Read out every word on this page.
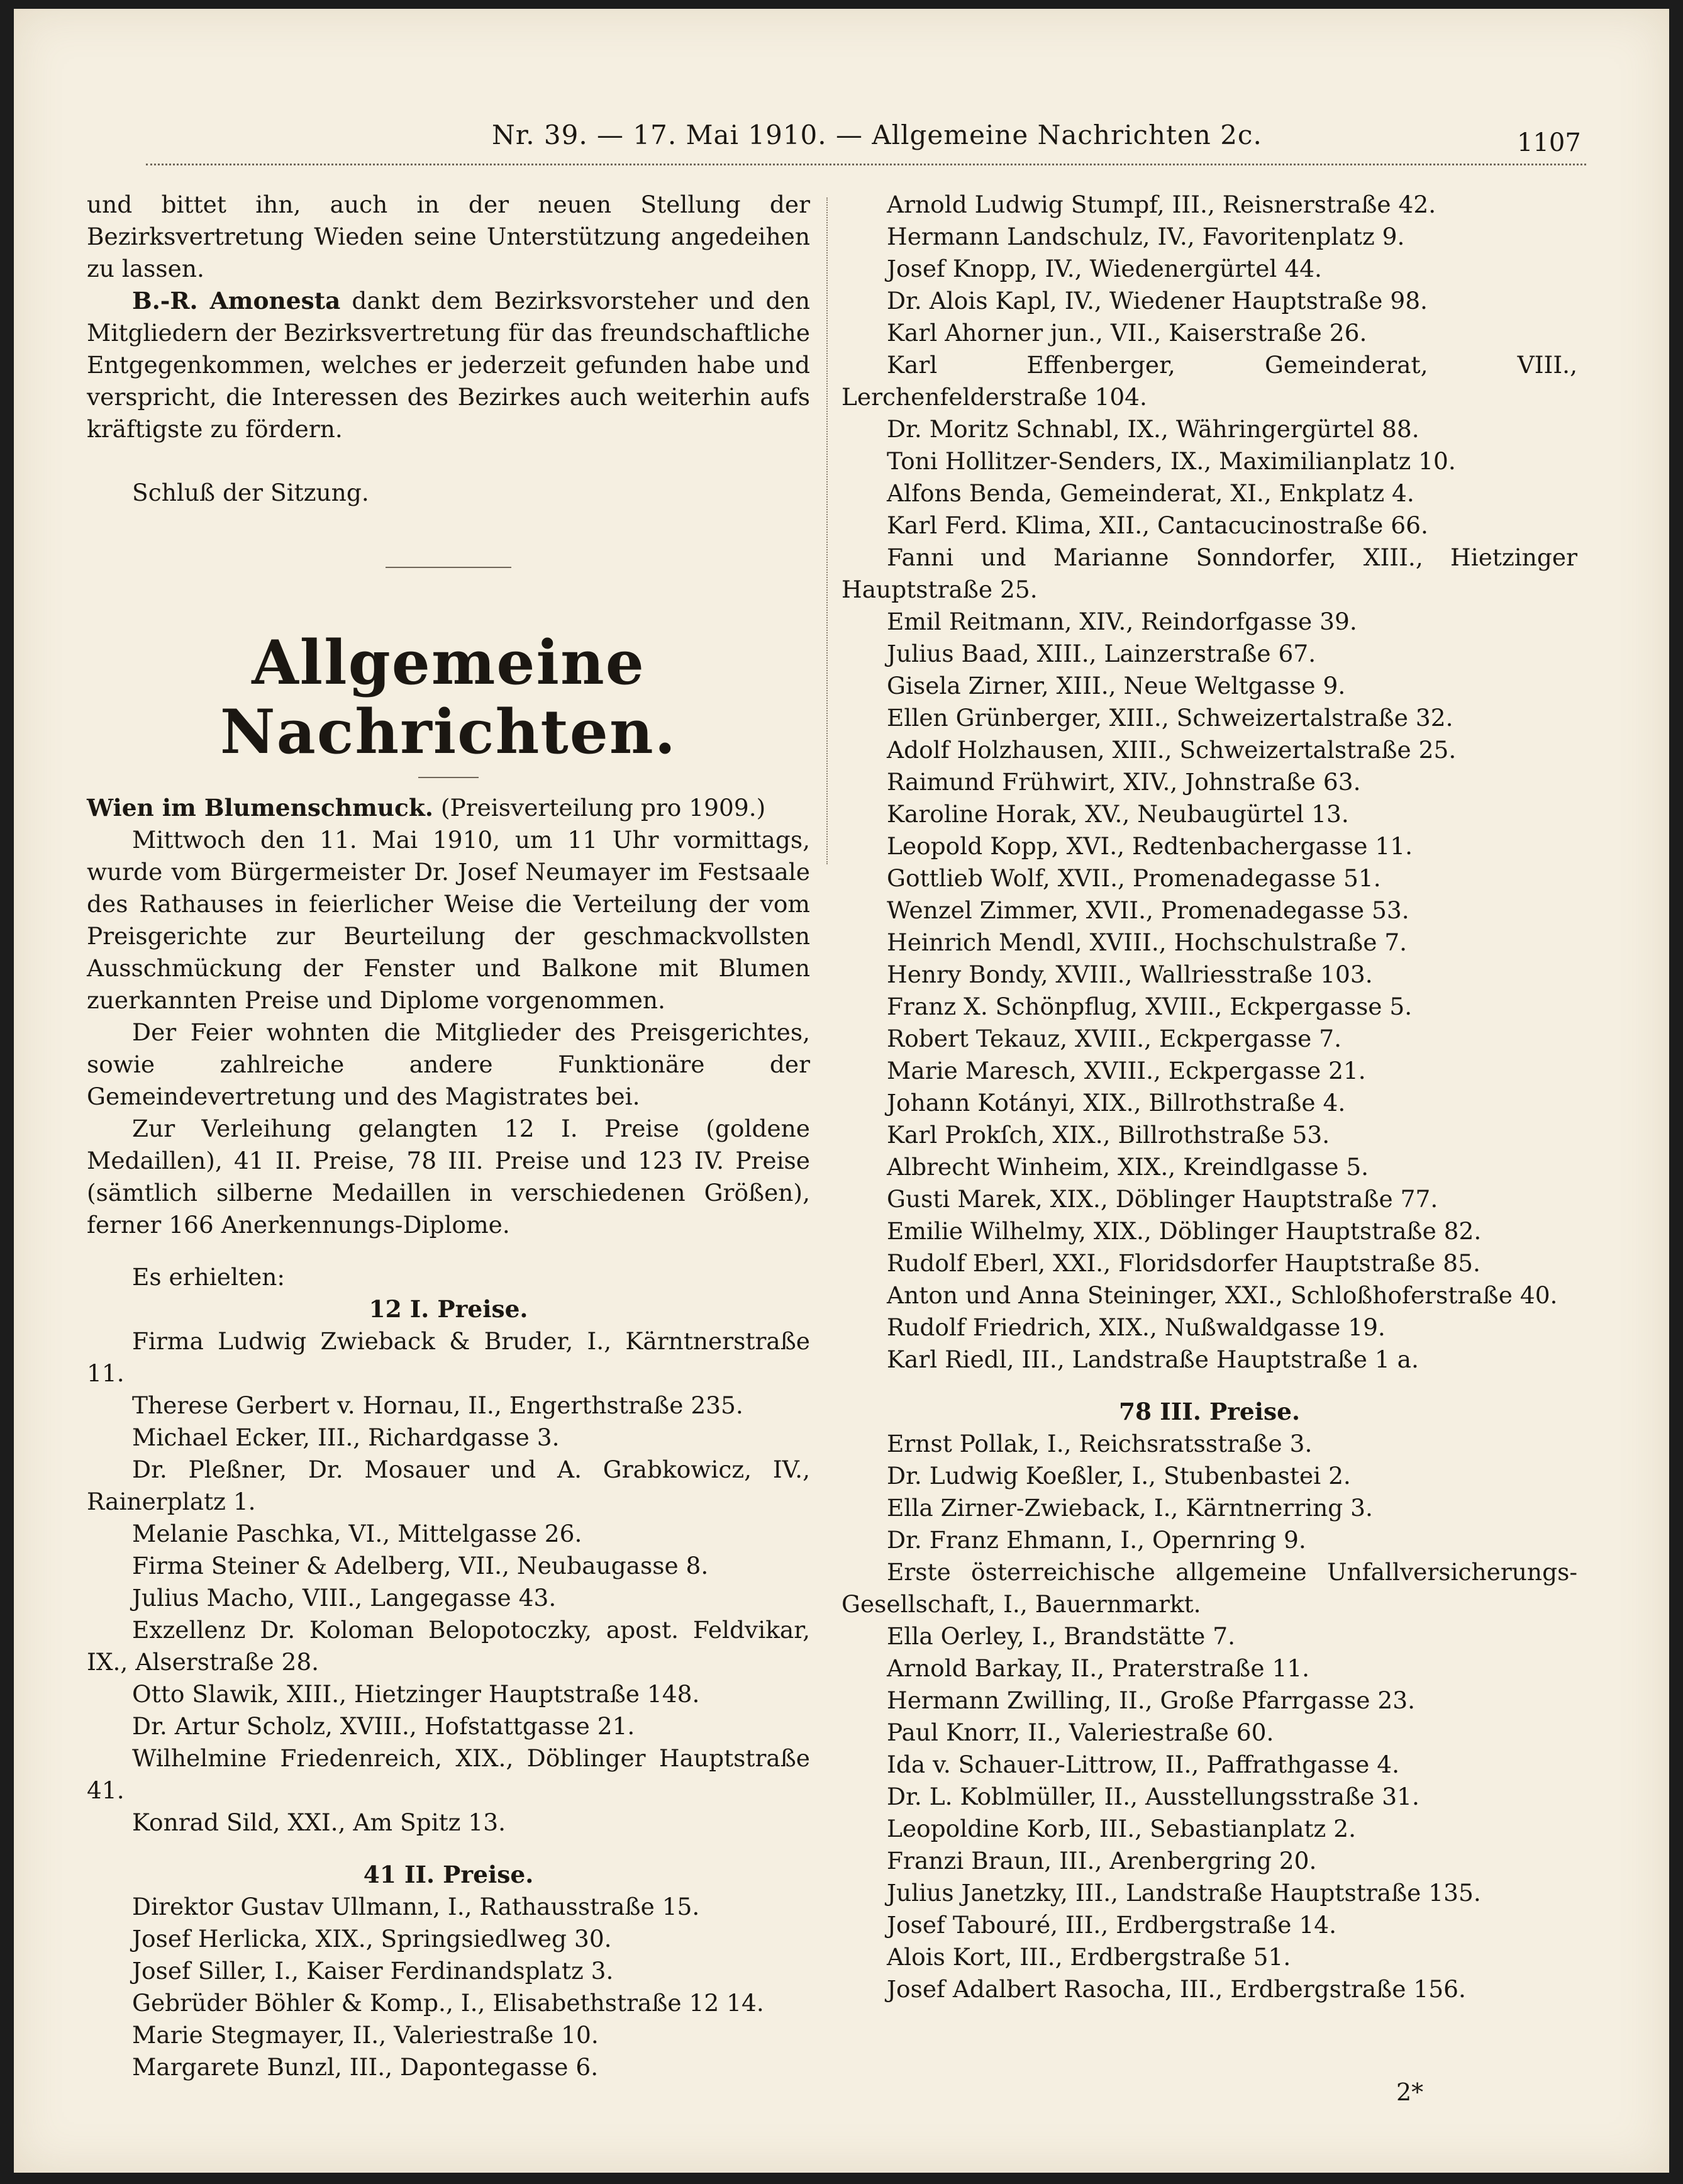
Nr. 39. — 17. Mai 1910. — Allgemeine Nachrichten 2c.	1107

und bittet ihn, auch in der neuen Stellung der Bezirksvertretung Wieden seine Unterstützung angedeihen zu lassen.

B.-R. Amonesta dankt dem Bezirksvorsteher und den Mitgliedern der Bezirksvertretung für das freundschaftliche Entgegenkommen, welches er jederzeit gefunden habe und verspricht, die Interessen des Bezirkes auch weiterhin aufs kräftigste zu fördern.

Schluß der Sitzung.

Allgemeine Nachrichten.

Wien im Blumenschmuck. (Preisverteilung pro 1909.)

Mittwoch den 11. Mai 1910, um 11 Uhr vormittags, wurde vom Bürgermeister Dr. Josef Neumayer im Festsaale des Rathauses in feierlicher Weise die Verteilung der vom Preisgerichte zur Beurteilung der geschmackvollsten Ausschmückung der Fenster und Balkone mit Blumen zuerkannten Preise und Diplome vorgenommen.

Der Feier wohnten die Mitglieder des Preisgerichtes, sowie zahlreiche andere Funktionäre der Gemeindevertretung und des Magistrates bei.

Zur Verleihung gelangten 12 I. Preise (goldene Medaillen), 41 II. Preise, 78 III. Preise und 123 IV. Preise (sämtlich silberne Medaillen in verschiedenen Größen), ferner 166 Anerkennungs-Diplome.

Es erhielten:

12 I. Preise.

Firma Ludwig Zwieback & Bruder, I., Kärntnerstraße 11.

Therese Gerbert v. Hornau, II., Engerthstraße 235.

Michael Ecker, III., Richardgasse 3.

Dr. Pleßner, Dr. Mosauer und A. Grabkowicz, IV., Rainerplatz 1.

Melanie Paschka, VI., Mittelgasse 26.

Firma Steiner & Adelberg, VII., Neubaugasse 8.

Julius Macho, VIII., Langegasse 43.

Exzellenz Dr. Koloman Belopotoczky, apost. Feldvikar, IX., Alserstraße 28.

Otto Slawik, XIII., Hietzinger Hauptstraße 148.

Dr. Artur Scholz, XVIII., Hofstattgasse 21.

Wilhelmine Friedenreich, XIX., Döblinger Hauptstraße 41.

Konrad Sild, XXI., Am Spitz 13.

41 II. Preise.

Direktor Gustav Ullmann, I., Rathausstraße 15.

Josef Herlicka, XIX., Springsiedlweg 30.

Josef Siller, I., Kaiser Ferdinandsplatz 3.

Gebrüder Böhler & Komp., I., Elisabethstraße 12 14.

Marie Stegmayer, II., Valeriestraße 10.

Margarete Bunzl, III., Dapontegasse 6.

Arnold Ludwig Stumpf, III., Reisnerstraße 42.

Hermann Landschulz, IV., Favoritenplatz 9.

Josef Knopp, IV., Wiedenergürtel 44.

Dr. Alois Kapl, IV., Wiedener Hauptstraße 98.

Karl Ahorner jun., VII., Kaiserstraße 26.

Karl Effenberger, Gemeinderat, VIII., Lerchenfelderstraße 104.

Dr. Moritz Schnabl, IX., Währingergürtel 88.

Toni Hollitzer-Senders, IX., Maximilianplatz 10.

Alfons Benda, Gemeinderat, XI., Enkplatz 4.

Karl Ferd. Klima, XII., Cantacucinostraße 66.

Fanni und Marianne Sonndorfer, XIII., Hietzinger Hauptstraße 25.

Emil Reitmann, XIV., Reindorfgasse 39.

Julius Baad, XIII., Lainzerstraße 67.

Gisela Zirner, XIII., Neue Weltgasse 9.

Ellen Grünberger, XIII., Schweizertalstraße 32.

Adolf Holzhausen, XIII., Schweizertalstraße 25.

Raimund Frühwirt, XIV., Johnstraße 63.

Karoline Horak, XV., Neubaugürtel 13.

Leopold Kopp, XVI., Redtenbachergasse 11.

Gottlieb Wolf, XVII., Promenadegasse 51.

Wenzel Zimmer, XVII., Promenadegasse 53.

Heinrich Mendl, XVIII., Hochschulstraße 7.

Henry Bondy, XVIII., Wallriesstraße 103.

Franz X. Schönpflug, XVIII., Eckpergasse 5.

Robert Tekauz, XVIII., Eckpergasse 7.

Marie Maresch, XVIII., Eckpergasse 21.

Johann Kotányi, XIX., Billrothstraße 4.

Karl Prokſch, XIX., Billrothstraße 53.

Albrecht Winheim, XIX., Kreindlgasse 5.

Gusti Marek, XIX., Döblinger Hauptstraße 77.

Emilie Wilhelmy, XIX., Döblinger Hauptstraße 82.

Rudolf Eberl, XXI., Floridsdorfer Hauptstraße 85.

Anton und Anna Steininger, XXI., Schloßhoferstraße 40.

Rudolf Friedrich, XIX., Nußwaldgasse 19.

Karl Riedl, III., Landstraße Hauptstraße 1 a.

78 III. Preise.

Ernst Pollak, I., Reichsratsstraße 3.

Dr. Ludwig Koeßler, I., Stubenbastei 2.

Ella Zirner-Zwieback, I., Kärntnerring 3.

Dr. Franz Ehmann, I., Opernring 9.

Erste österreichische allgemeine Unfallversicherungs-Gesellschaft, I., Bauernmarkt.

Ella Oerley, I., Brandstätte 7.

Arnold Barkay, II., Praterstraße 11.

Hermann Zwilling, II., Große Pfarrgasse 23.

Paul Knorr, II., Valeriestraße 60.

Ida v. Schauer-Littrow, II., Paffrathgasse 4.

Dr. L. Koblmüller, II., Ausstellungsstraße 31.

Leopoldine Korb, III., Sebastianplatz 2.

Franzi Braun, III., Arenbergring 20.

Julius Janetzky, III., Landstraße Hauptstraße 135.

Josef Tabouré, III., Erdbergstraße 14.

Alois Kort, III., Erdbergstraße 51.

Josef Adalbert Rasocha, III., Erdbergstraße 156.

2*
